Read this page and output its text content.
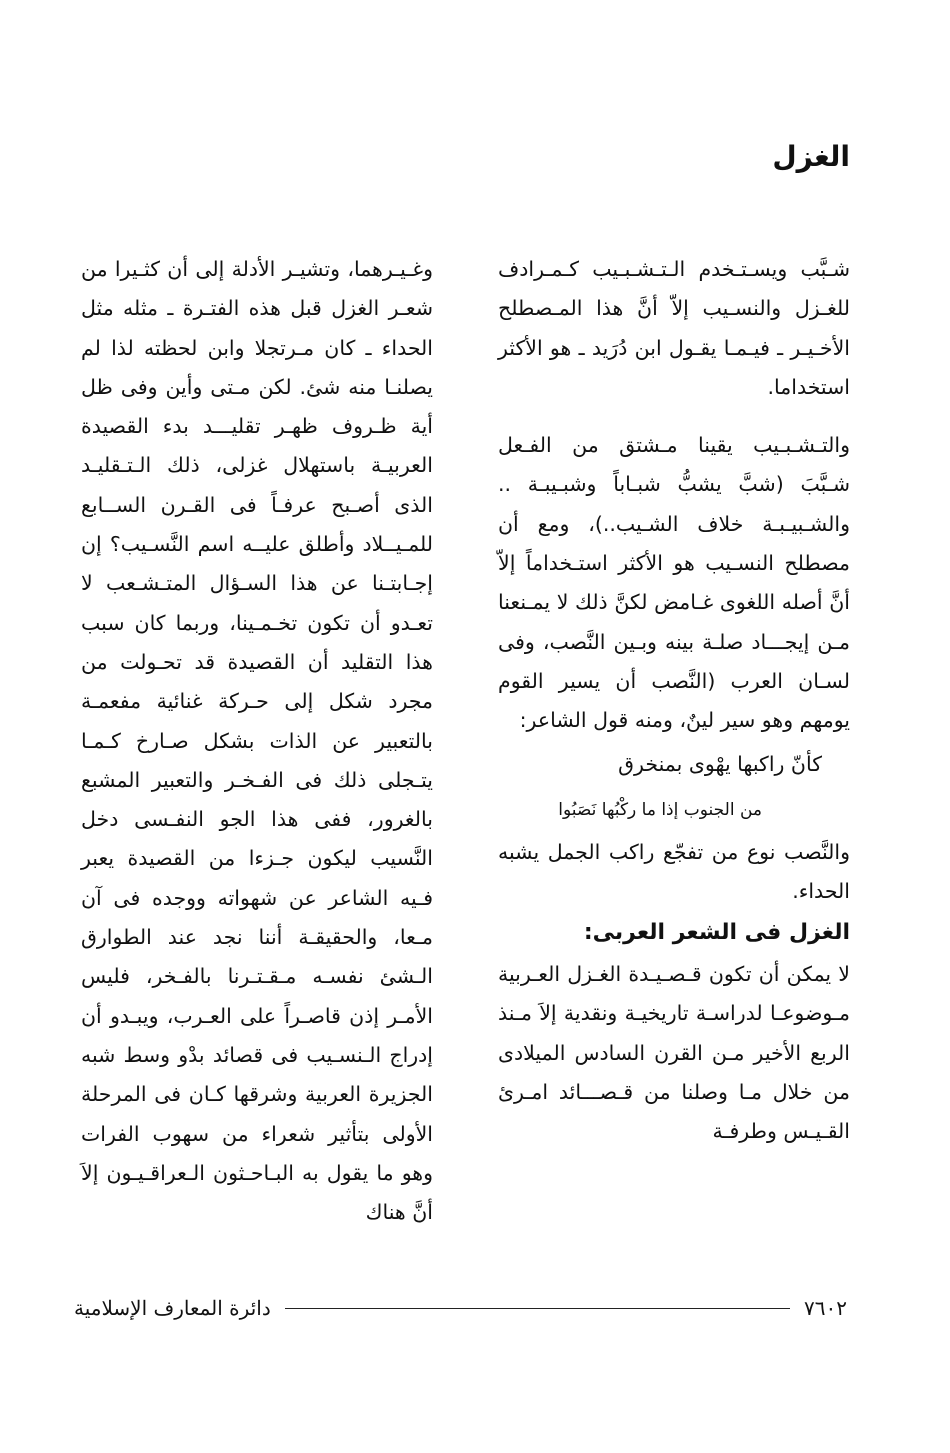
الغزل

شـبَّب ويسـتـخدم الـتـشـبـيب كـمـرادف للغـزل والنسـيب إلاّ أنَّ هذا المـصطلح الأخـيـر ـ فيـمـا يقـول ابن دُرَيد ـ هو الأكثر استخداما.

والتـشـبـيب يقينا مـشتق من الفـعل شـبَّبَ (شبَّ يشبُّ شبـاباً وشبـيبـة .. والشـبيـبـة خلاف الشـيب..)، ومع أن مصطلح النسـيب هو الأكثر استـخداماً إلاّ أنَّ أصله اللغوى غـامض لكنَّ ذلك لا يمـنعنا مـن إيجـــاد صلـة بينه وبـين النَّصب، وفى لسـان العرب (النَّصب أن يسير القوم يومهم وهو سير لينٌ، ومنه قول الشاعر:

كأنّ راكبها يهْوى بمنخرق

من الجنوب إذا ما ركْبُها نَصَبُوا

والنَّصب نوع من تفجّع راكب الجمل يشبه الحداء.

الغزل فى الشعر العربى:

لا يمكن أن تكون قـصـيـدة الغـزل العـربية مـوضوعـا لدراسـة تاريخيـة ونقدية إلاَ مـنذ الربع الأخير مـن القرن السادس الميلادى من خلال مـا وصلنا من قـصـــائد امـرئ القـيـس وطرفـة

وغـيـرهما، وتشيـر الأدلة إلى أن كثـيرا من شعـر الغزل قبل هذه الفتـرة ـ مثله مثل الحداء ـ كان مـرتجلا وابن لحظته لذا لم يصلنـا منه شئ. لكن مـتى وأين وفى ظل أية ظـروف ظهـر تقليـــد بدء القصيدة العربيـة باستهلال غزلى، ذلك الـتـقليـد الذى أصـبح عرفـاً فى القـرن الســابع للمـيــلاد وأطلق عليــه اسم النَّسـيب؟ إن إجـابتـنا عن هذا السـؤال المتـشـعب لا تعـدو أن تكون تخـمـينا، وربما كان سبب هذا التقليد أن القصيدة قد تحـولت من مجرد شكل إلى حـركة غنائية مفعمـة بالتعبير عن الذات بشكل صـارخ كـمـا يتـجلى ذلك فى الفـخـر والتعبير المشبع بالغرور، ففى هذا الجو النفـسى دخل النَّسيب ليكون جـزءا من القصيدة يعبر فـيه الشاعر عن شهواته ووجده فى آن مـعا، والحقيقـة أننا نجد عند الطوارق الـشئ نفسـه مـقـتـرنا بالفـخر، فليس الأمـر إذن قاصـراً على العـرب، ويبـدو أن إدراج الـنسـيب فى قصائد بدْو وسط شبه الجزيرة العربية وشرقها كـان فى المرحلة الأولى بتأثير شعراء من سهوب الفرات وهو ما يقول به البـاحـثون الـعراقـيـون إلاَ أنَّ هناك

٧٦٠٢
دائرة المعارف الإسلامية
